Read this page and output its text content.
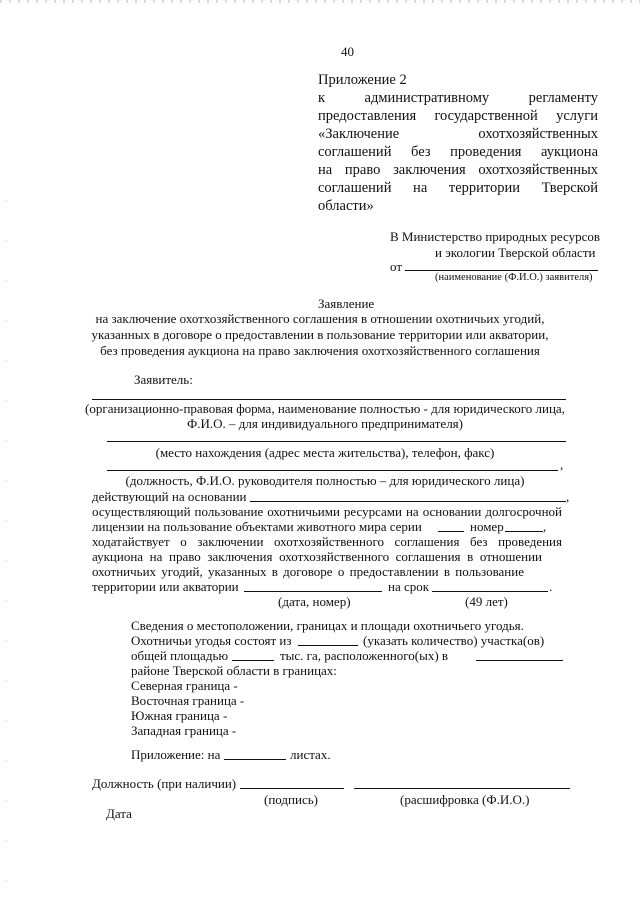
40
Приложение 2
к административному регламенту
предоставления государственной услуги
«Заключение охотхозяйственных
соглашений без проведения аукциона
на право заключения охотхозяйственных
соглашений на территории Тверской
области»
В Министерство природных ресурсов
и экологии Тверской области
от
(наименование (Ф.И.О.) заявителя)
Заявление
на заключение охотхозяйственного соглашения в отношении охотничьих угодий,
указанных в договоре о предоставлении в пользование территории или акватории,
без проведения аукциона на право заключения охотхозяйственного соглашения
Заявитель:
(организационно-правовая форма, наименование полностью - для юридического лица,
Ф.И.О. – для индивидуального предпринимателя)
(место нахождения (адрес места жительства), телефон, факс)
,
(должность, Ф.И.О. руководителя полностью – для юридического лица)
действующий на основании	,
осуществляющий пользование охотничьими ресурсами на основании долгосрочной
лицензии на пользование объектами животного мира серии	номер	,
ходатайствует о заключении охотхозяйственного соглашения без проведения
аукциона на право заключения охотхозяйственного соглашения в отношении
охотничьих угодий, указанных в договоре о предоставлении в пользование
территории или акватории	на срок	.
(дата, номер)	(49 лет)
Сведения о местоположении, границах и площади охотничьего угодья.
Охотничьи угодья состоят из	(указать количество) участка(ов)
общей площадью	тыс. га, расположенного(ых) в
районе Тверской области в границах:
Северная граница -
Восточная граница -
Южная граница -
Западная граница -
Приложение: на	листах.
Должность (при наличии)
(подпись)	(расшифровка (Ф.И.О.)
Дата
